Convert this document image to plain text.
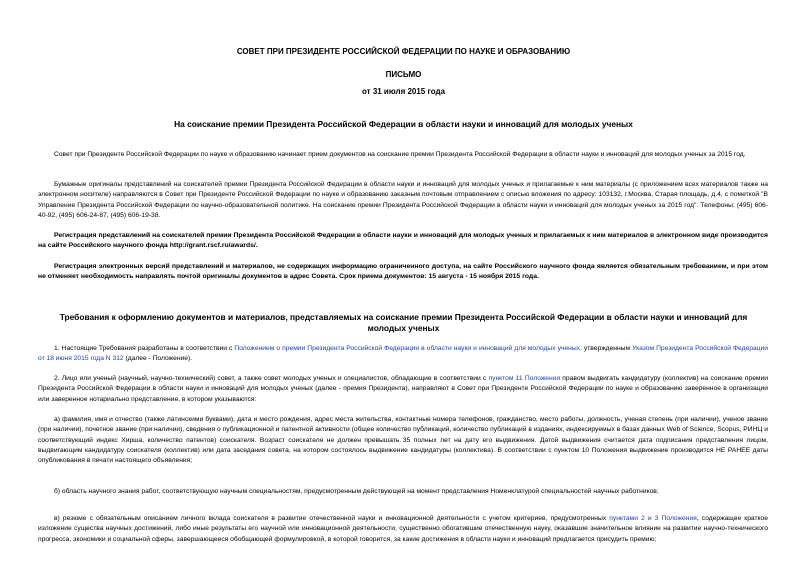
СОВЕТ ПРИ ПРЕЗИДЕНТЕ РОССИЙСКОЙ ФЕДЕРАЦИИ ПО НАУКЕ И ОБРАЗОВАНИЮ
ПИСЬМО
от 31 июля 2015 года
На соискание премии Президента Российской Федерации в области науки и инноваций для молодых ученых

Совет при Президенте Российской Федерации по науке и образованию начинает прием документов на соискание премии Президента Российской Федерации в области науки и инноваций для молодых ученых за 2015 год.

Бумажные оригиналы представлений на соискателей премии Президента Российской Федерации в области науки и инноваций для молодых ученых и прилагаемые к ним материалы (с приложением всех материалов также на электронном носителе) направляются в Совет при Президенте Российской Федерации по науке и образованию заказным почтовым отправлением с описью вложения по адресу: 103132, г.Москва, Старая площадь, д.4, с пометкой "В Управление Президента Российской Федерации по научно-образовательной политике. На соискание премии Президента Российской Федерации в области науки и инноваций для молодых ученых за 2015 год". Телефоны: (495) 606-40-92, (495) 606-24-87, (495) 606-19-38.

Регистрация представлений на соискателей премии Президента Российской Федерации в области науки и инноваций для молодых ученых и прилагаемых к ним материалов в электронном виде производится на сайте Российского научного фонда http://grant.rscf.ru/awards/.

Регистрация электронных версий представлений и материалов, не содержащих информацию ограниченного доступа, на сайте Российского научного фонда является обязательным требованием, и при этом не отменяет необходимость направлять почтой оригиналы документов в адрес Совета. Срок приема документов: 15 августа - 15 ноября 2015 года.

Требования к оформлению документов и материалов, представляемых на соискание премии Президента Российской Федерации в области науки и инноваций для молодых ученых

1. Настоящие Требования разработаны в соответствии с Положением о премии Президента Российской Федерации в области науки и инноваций для молодых ученых, утвержденным Указом Президента Российской Федерации от 18 июня 2015 года N 312 (далее - Положение).

2. Лицо или ученый (научный, научно-технический) совет, а также совет молодых ученых и специалистов, обладающие в соответствии с пунктом 11 Положения правом выдвигать кандидатуру (коллектив) на соискание премии Президента Российской Федерации в области науки и инноваций для молодых ученых (далее - премия Президента), направляют в Совет при Президенте Российской Федерации по науке и образованию заверенное в организации или заверенное нотариально представление, в котором указываются:

а) фамилия, имя и отчество (также латинскими буквами), дата и место рождения, адрес места жительства, контактные номера телефонов, гражданство, место работы, должность, ученая степень (при наличии), ученое звание (при наличии), почетное звание (при наличии), сведения о публикационной и патентной активности (общее количество публикаций, количество публикаций в изданиях, индексируемых в базах данных Web of Science, Scopus, РИНЦ и соответствующий индекс Хирша, количество патентов) соискателя. Возраст соискателя не должен превышать 35 полных лет на дату его выдвижения. Датой выдвижения считается дата подписания представления лицом, выдвигающим кандидатуру соискателя (коллектив) или дата заседания совета, на котором состоялось выдвижение кандидатуры (коллектива). В соответствии с пунктом 10 Положения выдвижение производится НЕ РАНЕЕ даты опубликования в печати настоящего объявления;

б) область научного знания работ, соответствующую научным специальностям, предусмотренным действующей на момент представления Номенклатурой специальностей научных работников;

в) резюме с обязательным описанием личного вклада соискателя в развитие отечественной науки и инновационной деятельности с учетом критериев, предусмотренных пунктами 2 и 3 Положения, содержащее краткое изложение существа научных достижений, либо иные результаты его научной или инновационной деятельности, существенно обогатившие отечественную науку, оказавшие значительное влияние на развитие научно-технического прогресса, экономики и социальной сферы, завершающееся обобщающей формулировкой, в которой говорится, за какие достижения в области науки и инноваций предлагается присудить премию;
